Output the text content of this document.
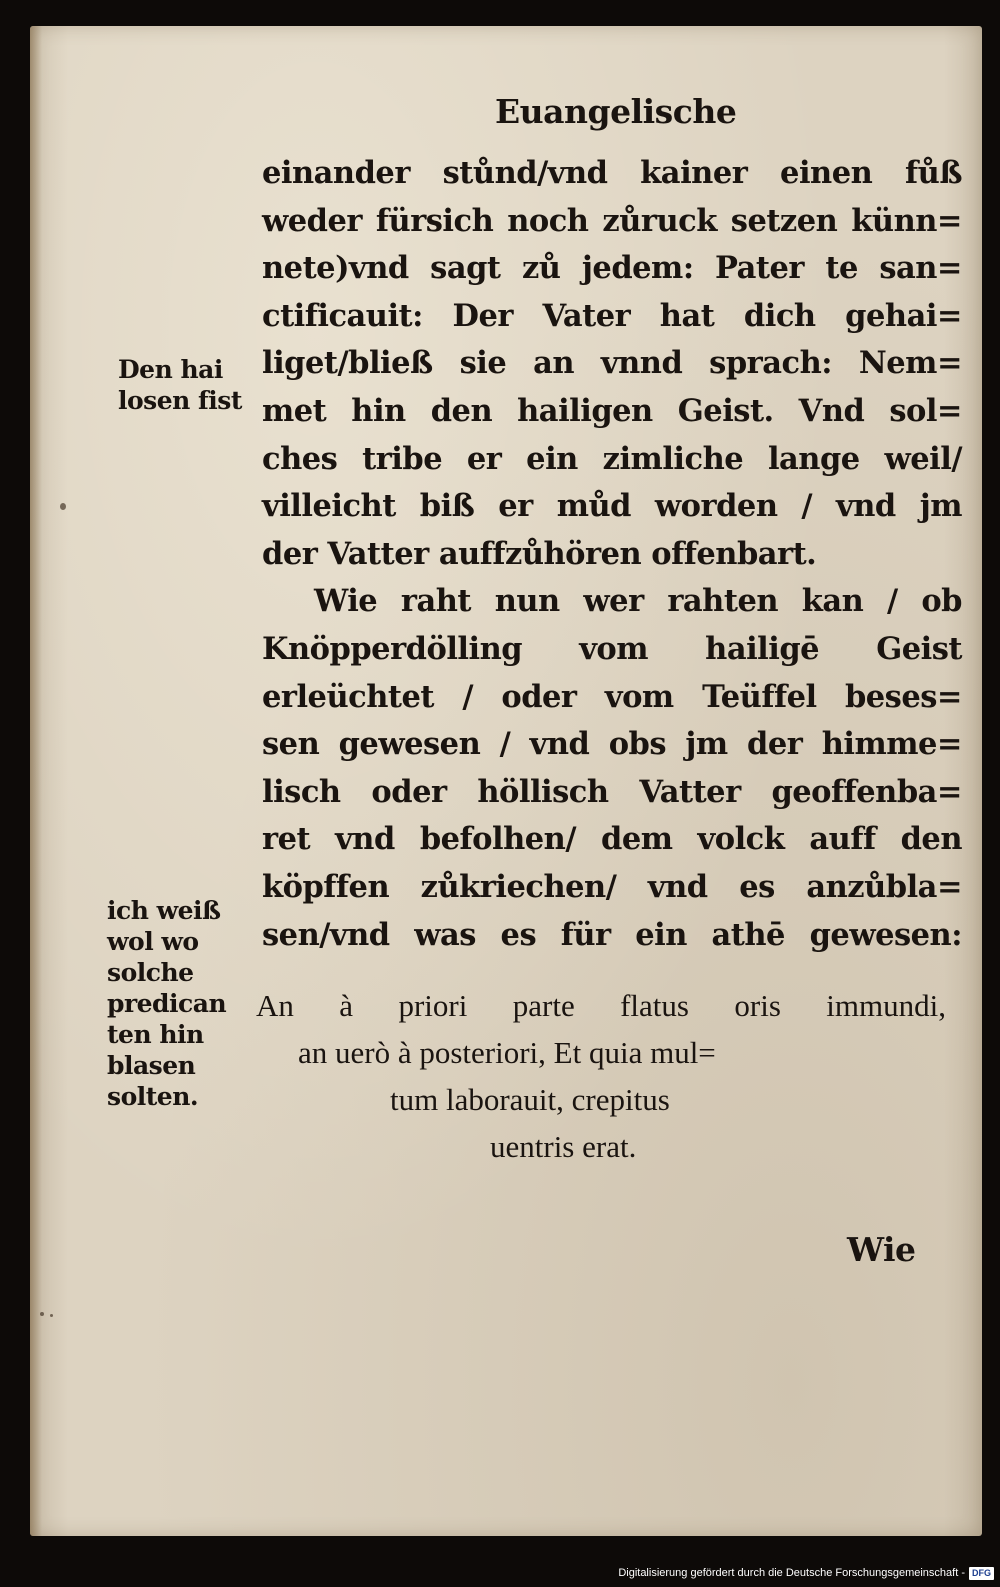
Euangelische
einander stůnd/vnd kainer einen fůß
weder fürsich noch zůruck setzen künn=
nete)vnd sagt zů jedem: Pater te san=
ctificauit: Der Vater hat dich gehai=
liget/bließ sie an vnnd sprach: Nem=
met hin den hailigen Geist. Vnd sol=
ches tribe er ein zimliche lange weil/
villeicht biß er můd worden / vnd jm
der Vatter auffzůhören offenbart.
Wie raht nun wer rahten kan / ob
Knöpperdölling vom hailigē Geist
erleüchtet / oder vom Teüffel beses=
sen gewesen / vnd obs jm der himme=
lisch oder höllisch Vatter geoffenba=
ret vnd befolhen/ dem volck auff den
köpffen zůkriechen/ vnd es anzůbla=
sen/vnd was es für ein athē gewesen:
An à priori parte flatus oris immundi,
an uerò à posteriori, Et quia mul=
tum laborauit, crepitus
uentris erat.
Den hai
losen fist
ich weiß
wol wo
solche
predican
ten hin
blasen
solten.
Wie
Digitalisierung gefördert durch die Deutsche Forschungsgemeinschaft - DFG
